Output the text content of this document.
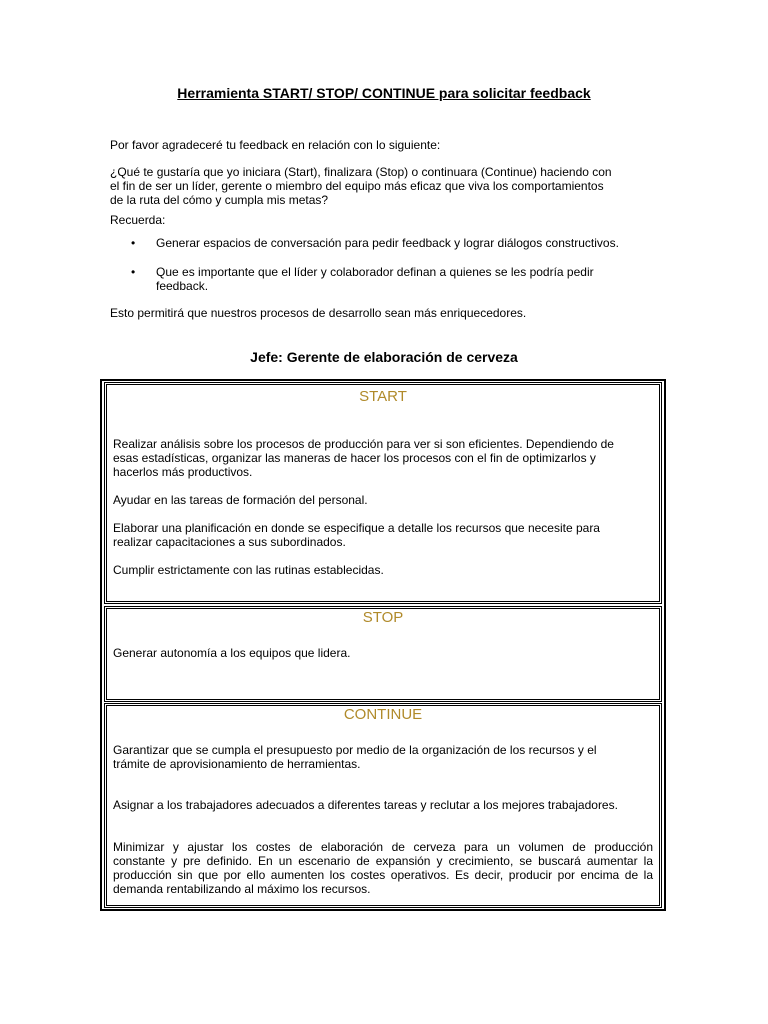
Herramienta START/ STOP/ CONTINUE para solicitar feedback
Por favor agradeceré tu feedback en relación con lo siguiente:
¿Qué te gustaría que yo iniciara (Start), finalizara (Stop) o continuara (Continue) haciendo con
el fin de ser un líder, gerente o miembro del equipo más eficaz que viva los comportamientos
de la ruta del cómo y cumpla mis metas?
Recuerda:
• Generar espacios de conversación para pedir feedback y lograr diálogos constructivos.
• Que es importante que el líder y colaborador definan a quienes se les podría pedir
feedback.
Esto permitirá que nuestros procesos de desarrollo sean más enriquecedores.
Jefe: Gerente de elaboración de cerveza
START
Realizar análisis sobre los procesos de producción para ver si son eficientes. Dependiendo de
esas estadísticas, organizar las maneras de hacer los procesos con el fin de optimizarlos y
hacerlos más productivos.
Ayudar en las tareas de formación del personal.
Elaborar una planificación en donde se especifique a detalle los recursos que necesite para
realizar capacitaciones a sus subordinados.
Cumplir estrictamente con las rutinas establecidas.
STOP
Generar autonomía a los equipos que lidera.
CONTINUE
Garantizar que se cumpla el presupuesto por medio de la organización de los recursos y el
trámite de aprovisionamiento de herramientas.
Asignar a los trabajadores adecuados a diferentes tareas y reclutar a los mejores trabajadores.
Minimizar y ajustar los costes de elaboración de cerveza para un volumen de producción
constante y pre definido. En un escenario de expansión y crecimiento, se buscará aumentar la
producción sin que por ello aumenten los costes operativos. Es decir, producir por encima de la
demanda rentabilizando al máximo los recursos.
